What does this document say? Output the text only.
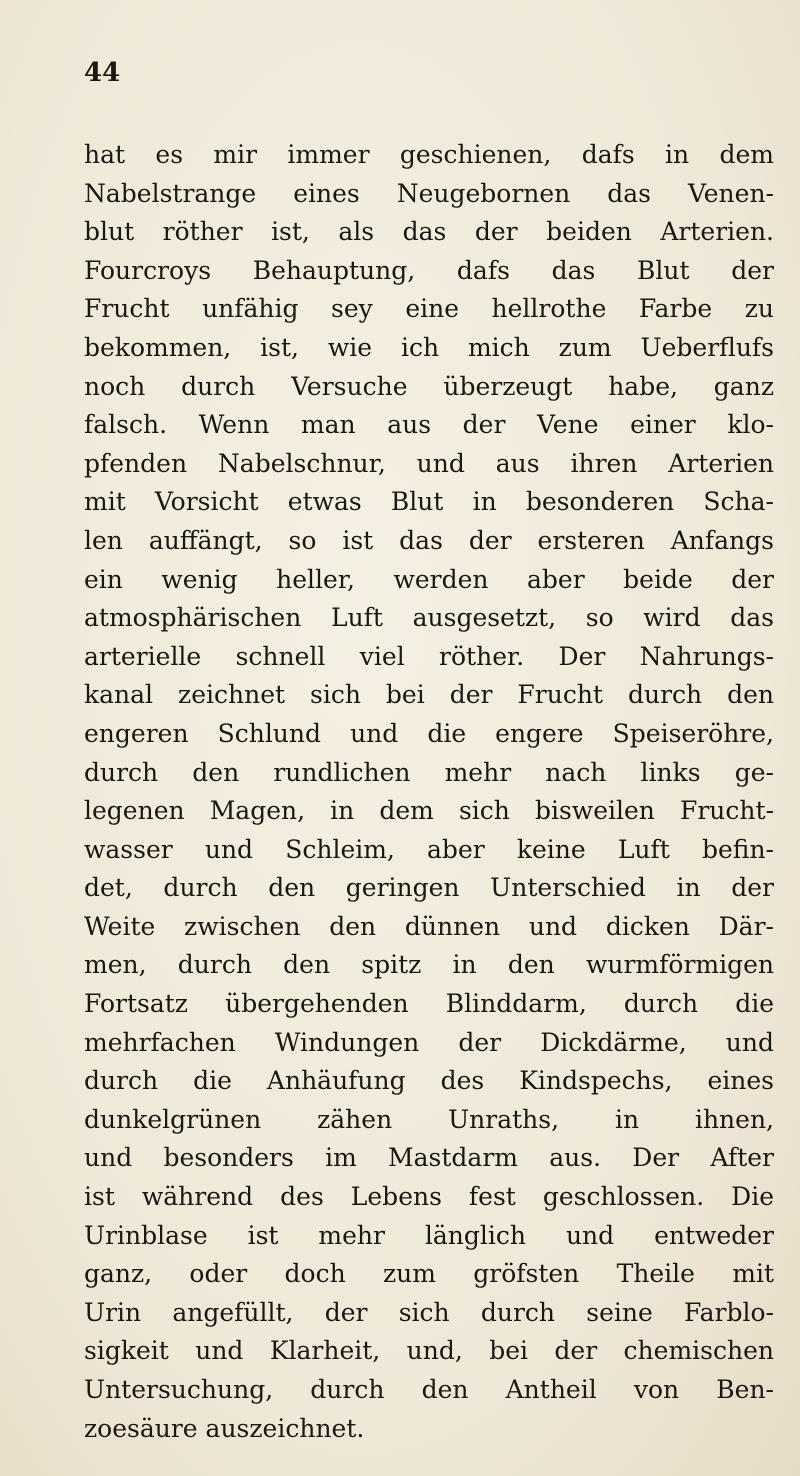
44
hat es mir immer geschienen, dafs in dem
Nabelstrange eines Neugebornen das Venen-
blut röther ist, als das der beiden Arterien.
Fourcroys Behauptung, dafs das Blut der
Frucht unfähig sey eine hellrothe Farbe zu
bekommen, ist, wie ich mich zum Ueberflufs
noch durch Versuche überzeugt habe, ganz
falsch. Wenn man aus der Vene einer klo-
pfenden Nabelschnur, und aus ihren Arterien
mit Vorsicht etwas Blut in besonderen Scha-
len auffängt, so ist das der ersteren Anfangs
ein wenig heller, werden aber beide der
atmosphärischen Luft ausgesetzt, so wird das
arterielle schnell viel röther. Der Nahrungs-
kanal zeichnet sich bei der Frucht durch den
engeren Schlund und die engere Speiseröhre,
durch den rundlichen mehr nach links ge-
legenen Magen, in dem sich bisweilen Frucht-
wasser und Schleim, aber keine Luft befin-
det, durch den geringen Unterschied in der
Weite zwischen den dünnen und dicken Där-
men, durch den spitz in den wurmförmigen
Fortsatz übergehenden Blinddarm, durch die
mehrfachen Windungen der Dickdärme, und
durch die Anhäufung des Kindspechs, eines
dunkelgrünen zähen Unraths, in ihnen,
und besonders im Mastdarm aus. Der After
ist während des Lebens fest geschlossen. Die
Urinblase ist mehr länglich und entweder
ganz, oder doch zum gröfsten Theile mit
Urin angefüllt, der sich durch seine Farblo-
sigkeit und Klarheit, und, bei der chemischen
Untersuchung, durch den Antheil von Ben-
zoesäure auszeichnet.
